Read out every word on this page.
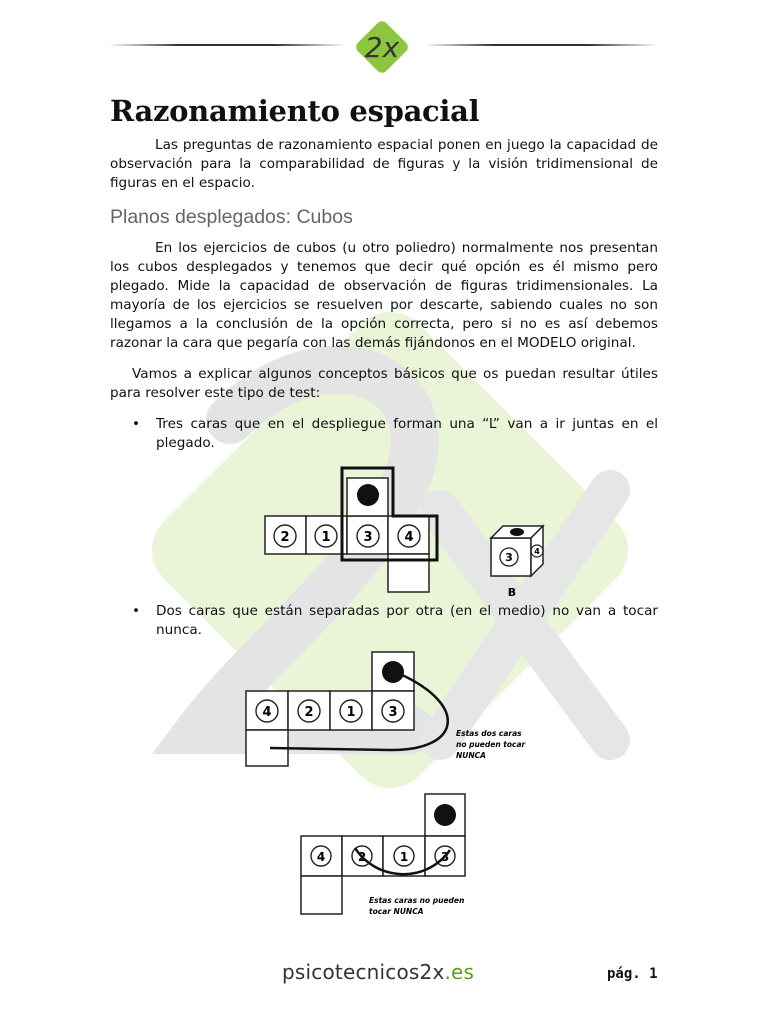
2x
Razonamiento espacial

Las preguntas de razonamiento espacial ponen en juego la capacidad de observación para la comparabilidad de figuras y la visión tridimensional de figuras en el espacio.

Planos desplegados: Cubos

En los ejercicios de cubos (u otro poliedro) normalmente nos presentan los cubos desplegados y tenemos que decir qué opción es él mismo pero plegado. Mide la capacidad de observación de figuras tridimensionales. La mayoría de los ejercicios se resuelven por descarte, sabiendo cuales no son llegamos a la conclusión de la opción correcta, pero si no es así debemos razonar la cara que pegaría con las demás fijándonos en el MODELO original.

Vamos a explicar algunos conceptos básicos que os puedan resultar útiles para resolver este tipo de test:

• Tres caras que en el despliegue forman una “L” van a ir juntas en el plegado.

• Dos caras que están separadas por otra (en el medio) no van a tocar nunca.

2 1	3 4
3	4
B
4	2	1	3
Estas dos caras
no pueden tocar
NUNCA
4	2	1	3
Estas caras no pueden
tocar NUNCA
psicotecnicos2x.es	pág. 1
